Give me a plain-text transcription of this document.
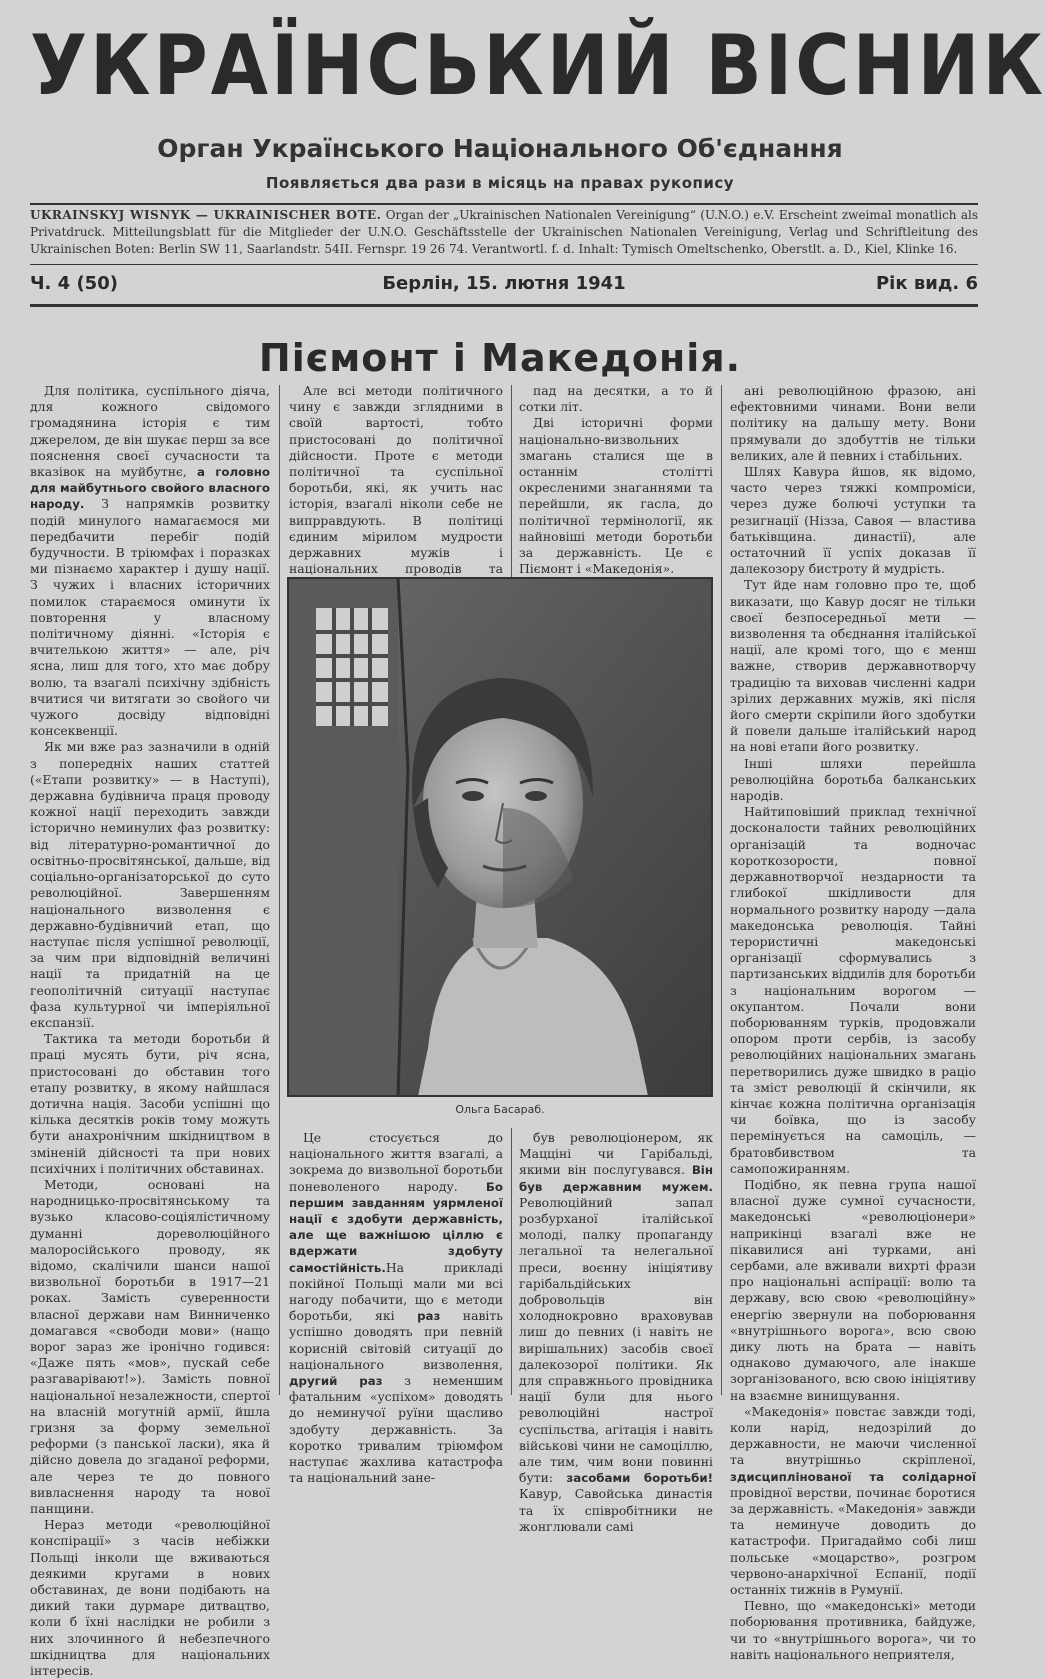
УКРАЇНСЬКИЙ ВІСНИК
Орган Українського Національного Об'єднання
Появляється два рази в місяць на правах рукопису
UKRAINSKYJ WISNYK — UKRAINISCHER BOTE. Organ der „Ukrainischen Nationalen Vereinigung“ (U.N.O.) e.V. Erscheint zweimal monatlich als Privatdruck. Mitteilungsblatt für die Mitglieder der U.N.O. Geschäftsstelle der Ukrainischen Nationalen Vereinigung, Verlag und Schriftleitung des Ukrainischen Boten: Berlin SW 11, Saarlandstr. 54II. Fernspr. 19 26 74. Verantwortl. f. d. Inhalt: Tymisch Omeltschenko, Oberstlt. a. D., Kiel, Klinke 16.
Ч. 4 (50)	Берлін, 15. лютня 1941	Рік вид. 6
Пiємонт i Македонiя.

Для політика, суспільного діяча, для кожного свідомого громадянина історія є тим джерелом, де він шукає перш за все пояснення своєї сучасности та вказівок на муйбутнє, а головно для майбутнього свойого власного народу. З напрямків розвитку подій минулого намагаємося ми передбачити перебіг подій будучности. В тріюмфах і поразках ми пізнаємо характер і душу нації. З чужих і власних історичних помилок стараємося оминути їх повторення у власному політичному діянні. «Історія є вчителькою життя» — але, річ ясна, лиш для того, хто має добру волю, та взагалі психічну здібність вчитися чи витягати зо свойого чи чужого досвіду відповідні консеквенції.

Як ми вже раз зазначили в одній з попередніх наших статтей («Етапи розвитку» — в Наступі), державна будівнича праця проводу кожної нації переходить завжди історично неминулих фаз розвитку: від літературно-романтичної до освітньо-просвітянської, дальше, від соціально-організаторської до суто революційної. Завершенням національного визволення є державно-будівничий етап, що наступає після успішної революції, за чим при відповідній величині нації та придатній на це геополітичній ситуації наступає фаза культурної чи імперіяльної експанзії.

Тактика та методи боротьби й праці мусять бути, річ ясна, пристосовані до обставин того етапу розвитку, в якому найшлася дотична нація. Засоби успішні що кілька десятків років тому можуть бути анахронічним шкідництвом в зміненій дійсності та при нових психічних і політичних обставинах.

Методи, основані на народницько-просвітянському та вузько класово-соціялістичному думанні дореволюційного малоросійського проводу, як відомо, скалічили шанси нашої визвольної боротьби в 1917—21 роках. Замість суверенности власної держави нам Винниченко домагався «свободи мови» (нащо ворог зараз же іронічно годився: «Даже пять «мов», пускай себе разгаварівают!»). Замість повної національної незалежности, спертої на власній могутній армії, йшла гризня за форму земельної реформи (з панської ласки), яка й дійсно довела до згаданої реформи, але через те до повного вивласнення народу та нової панщини.

Нераз методи «революційної конспірації» з часів небіжки Польщі інколи ще вживаються деякими кругами в нових обставинах, де вони подібають на дикий таки дурмаре дитвацтво, коли б їхні наслідки не робили з них злочинного й небезпечного шкідництва для національних інтересів.

Але всі методи політичного чину є завжди зглядними в своїй вартості, тобто пристосовані до політичної дійсности. Проте є методи політичної та суспільної боротьби, які, як учить нас історія, взагалі ніколи себе не випрравдують. В політиці єдиним мірилом мудрости державних мужів і національних проводів та

пад на десятки, а то й сотки літ.

Дві історичні форми національно-визвольних змагань сталися ще в останнім столітті окресленими знаганнями та перейшли, як гасла, до політичної термінології, як найновіші методи боротьби за державність. Це є Піємонт і «Македонія».

ані революційною фразою, ані ефектовними чинами. Вони вели політику на дальшу мету. Вони прямували до здобуттів не тільки великих, але й певних і стабільних.

Шлях Кавура йшов, як відомо, часто через тяжкі компроміси, через дуже болючі уступки та резигнації (Нізза, Савоя — властива батьківщина. династії), але остаточний її успіх доказав її далекозору бистроту й мудрість.

Тут йде нам головно про те, щоб виказати, що Кавур досяг не тільки своєї безпосередньої мети — визволення та обєднання італійської нації, але кромі того, що є менш важне, створив державнотворчу традицію та виховав численні кадри зрілих державних мужів, які після його смерти скріпили його здобутки й повели дальше італійський народ на нові етапи його розвитку.

Інші шляхи перейшла революційна боротьба балканських народів.

Найтиповіший приклад технічної досконалости тайних революційних організацій та водночас короткозорости, повної державнотворчої нездарности та глибокої шкідливости для нормального розвитку народу —дала македонська революція. Тайні терористичні македонські організації сформувались з партизанських віддилів для боротьби з національним ворогом — окупантом. Почали вони поборюванням турків, продовжали опором проти сербів, із засобу революційних національних змагань перетворились дуже швидко в раціо та зміст революції й скінчили, як кінчає кожна політична організація чи боївка, що із засобу перемінується на самоціль, — братовбивством та самопожиранням.

Подібно, як певна група нашої власної дуже сумної сучасности, македонські «революціонери» наприкінці взагалі вже не пікавилися ані турками, ані сербами, але вживали вихрті фрази про національні аспірації: волю та державу, всю свою «революційну» енергію звернули на поборювання «внутрішнього ворога», всю свою дику лють на брата — навіть однаково думаючого, але інакше зорганізованого, всю свою ініціятиву на взаємне винищування.

«Македонія» повстає завжди тоді, коли нарід, недозрілий до державности, не маючи численної та внутрішньо скріпленої, здисциплінованої та солідарної провідної верстви, починає боротися за державність. «Македонія» завжди та неминуче доводить до катастрофи. Пригадаймо собі лиш польське «моцарство», розгром червоно-анархічної Еспанії, події останніх тижнів в Румунії.

Певно, що «македонські» методи поборювання противника, байдуже, чи то «внутрішнього ворога», чи то навіть національного неприятеля,

Це стосується до національного життя взагалі, а зокрема до визвольної боротьби поневоленого народу. Бо першим завданням уярмленої нації є здобути державність, але ще важнішою ціллю є вдержати здобуту самостійність.На прикладі покійної Польщі мали ми всі нагоду побачити, що є методи боротьби, які раз навіть успішно доводять при певній корисній світовій ситуації до національного визволення, другий раз з неменшим фатальним «успіхом» доводять до неминучої руїни щасливо здобуту державність. За коротко тривалим тріюмфом наступає жахлива катастрофа та національний зане-

був революціонером, як Мацціні чи Гарібальді, якими він послугувався. Він був державним мужем. Революційний запал розбурханої італійської молоді, палку пропаганду легальної та нелегальної преси, воєнну ініціятиву гарібальдійських добровольців він холоднокровно враховував лиш до певних (і навіть не вирішальних) засобів своєї далекозорої політики. Як для справжнього провідника нації були для нього революційні настрої суспільства, агітація і навіть військові чини не самоціллю, але тим, чим вони повинні бути: засобами боротьби!Кавур, Савойська династія та їх співробітники не жонглювали самі

Ольга Басараб.
